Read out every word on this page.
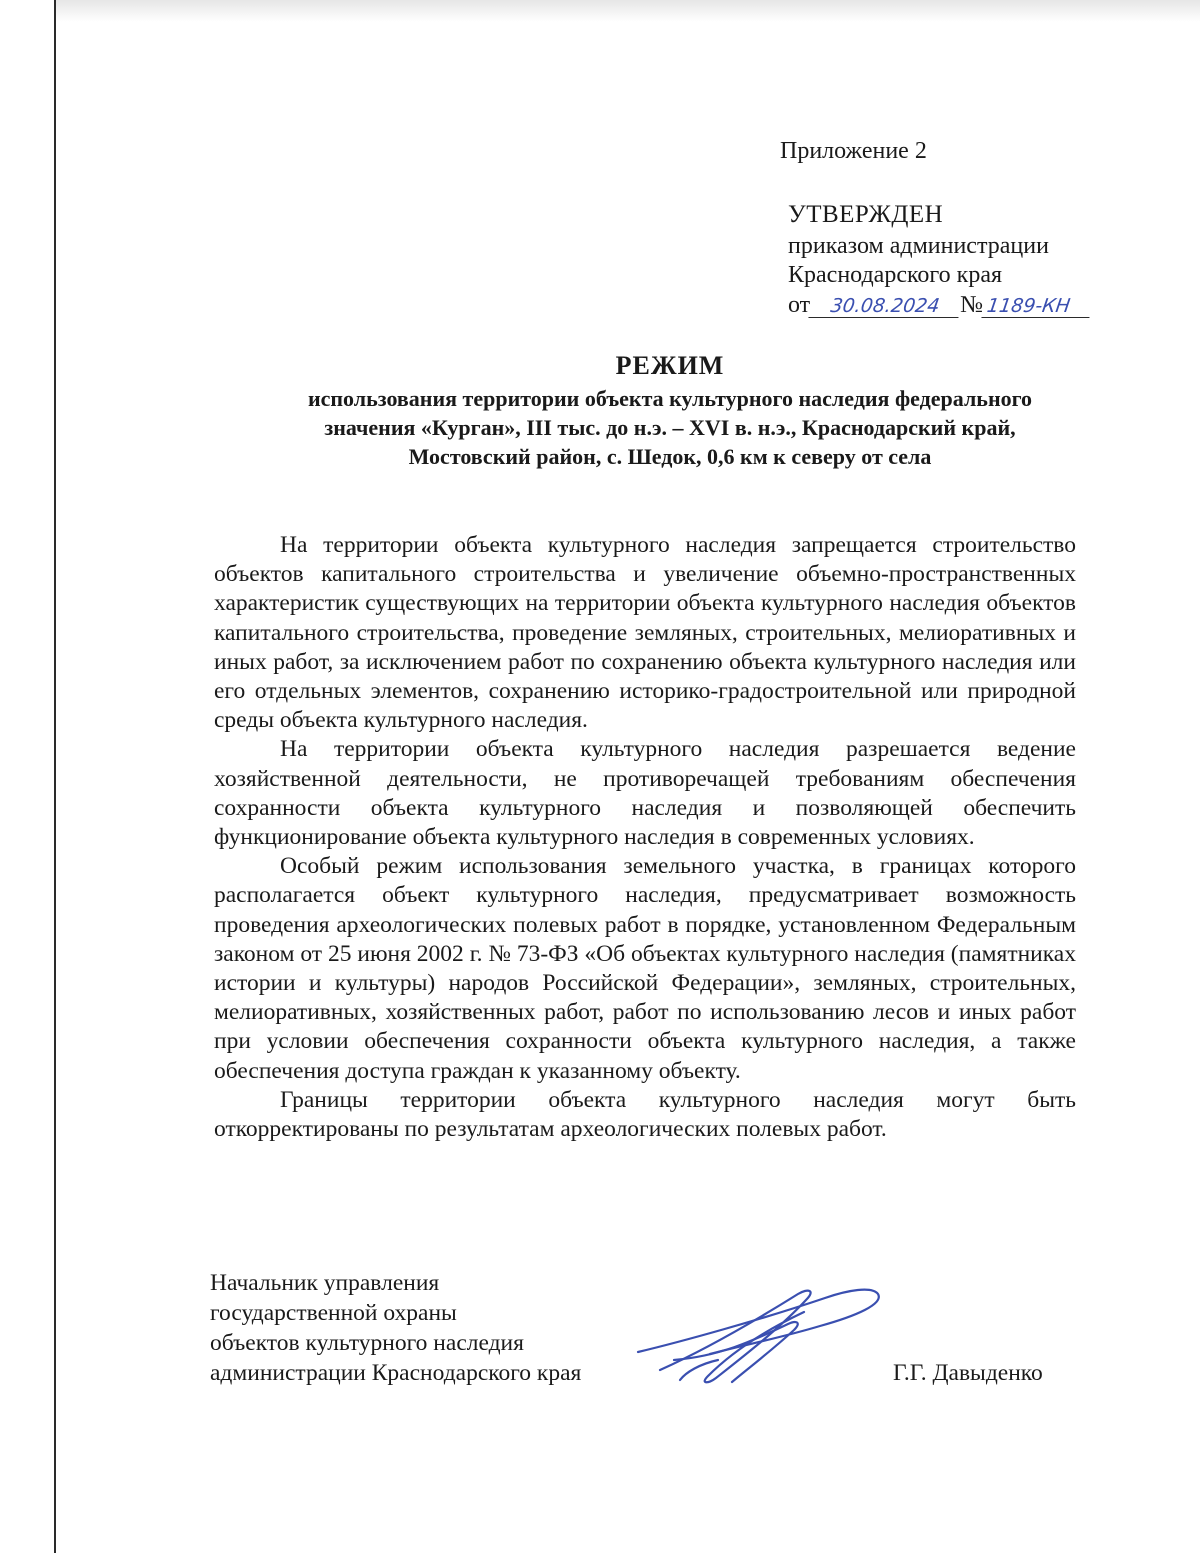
Приложение 2
УТВЕРЖДЕН
приказом администрации
Краснодарского края
от 30.08.2024 № 1189-КН
РЕЖИМ
использования территории объекта культурного наследия федерального
значения «Курган», III тыс. до н.э. – XVI в. н.э., Краснодарский край,
Мостовский район, с. Шедок, 0,6 км к северу от села

На территории объекта культурного наследия запрещается строительство объектов капитального строительства и увеличение объемно-пространственных характеристик существующих на территории объекта культурного наследия объектов капитального строительства, проведение земляных, строительных, мелиоративных и иных работ, за исключением работ по сохранению объекта культурного наследия или его отдельных элементов, сохранению историко-градостроительной или природной среды объекта культурного наследия.

На территории объекта культурного наследия разрешается ведение хозяйственной деятельности, не противоречащей требованиям обеспечения сохранности объекта культурного наследия и позволяющей обеспечить функционирование объекта культурного наследия в современных условиях.

Особый режим использования земельного участка, в границах которого располагается объект культурного наследия, предусматривает возможность проведения археологических полевых работ в порядке, установленном Федеральным законом от 25 июня 2002 г. № 73-ФЗ «Об объектах культурного наследия (памятниках истории и культуры) народов Российской Федерации», земляных, строительных, мелиоративных, хозяйственных работ, работ по использованию лесов и иных работ при условии обеспечения сохранности объекта культурного наследия, а также обеспечения доступа граждан к указанному объекту.

Границы территории объекта культурного наследия могут быть откорректированы по результатам археологических полевых работ.

Начальник управления
государственной охраны
объектов культурного наследия
администрации Краснодарского края	Г.Г. Давыденко
